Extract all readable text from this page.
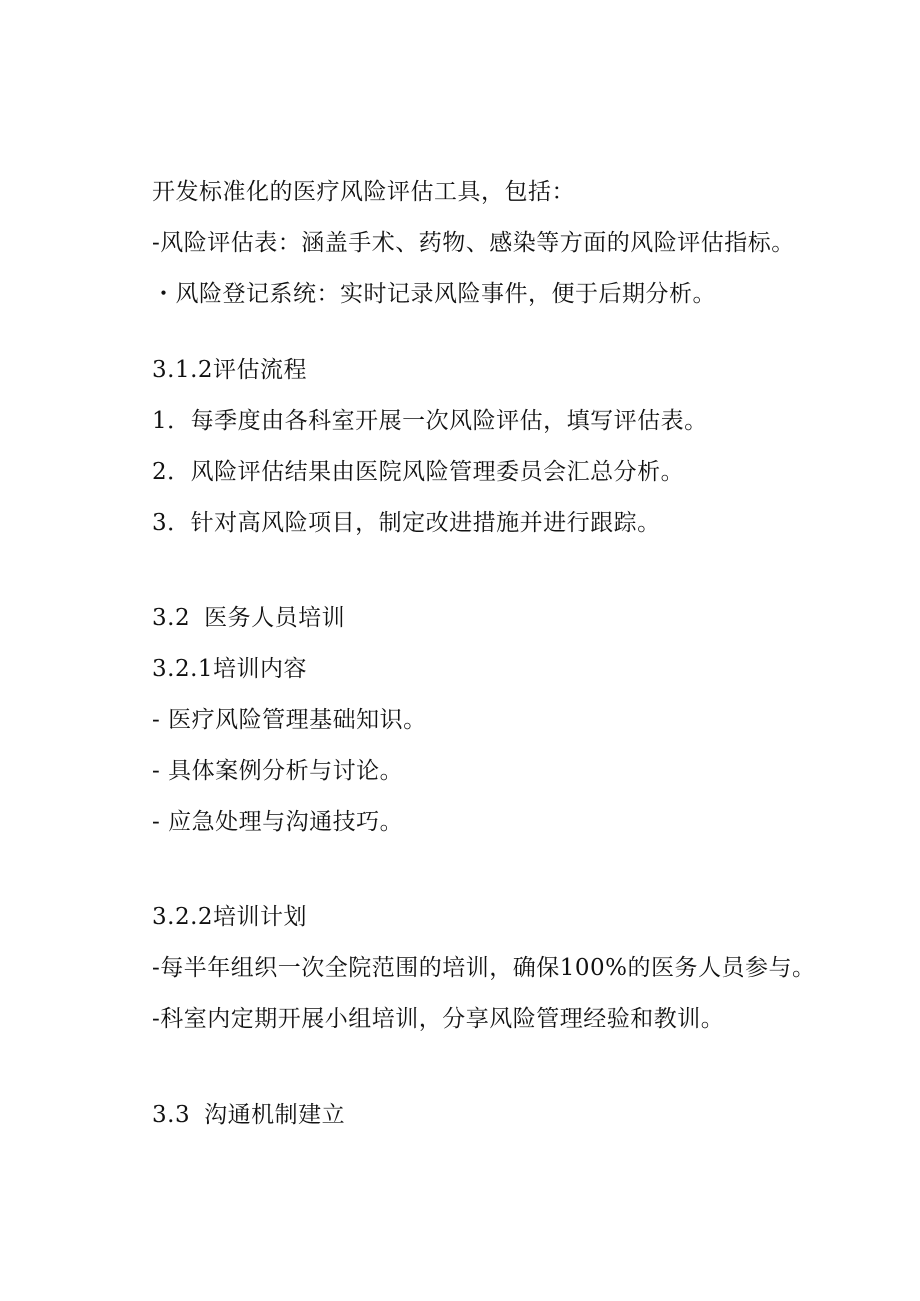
开发标准化的医疗风险评估工具，包括：
-风险评估表：涵盖手术、药物、感染等方面的风险评估指标。
・风险登记系统：实时记录风险事件，便于后期分析。
3.1.2评估流程
1．每季度由各科室开展一次风险评估，填写评估表。
2．风险评估结果由医院风险管理委员会汇总分析。
3．针对高风险项目，制定改进措施并进行跟踪。
3.2 医务人员培训
3.2.1培训内容
- 医疗风险管理基础知识。
- 具体案例分析与讨论。
- 应急处理与沟通技巧。
3.2.2培训计划
-每半年组织一次全院范围的培训，确保100%的医务人员参与。
-科室内定期开展小组培训，分享风险管理经验和教训。
3.3 沟通机制建立
